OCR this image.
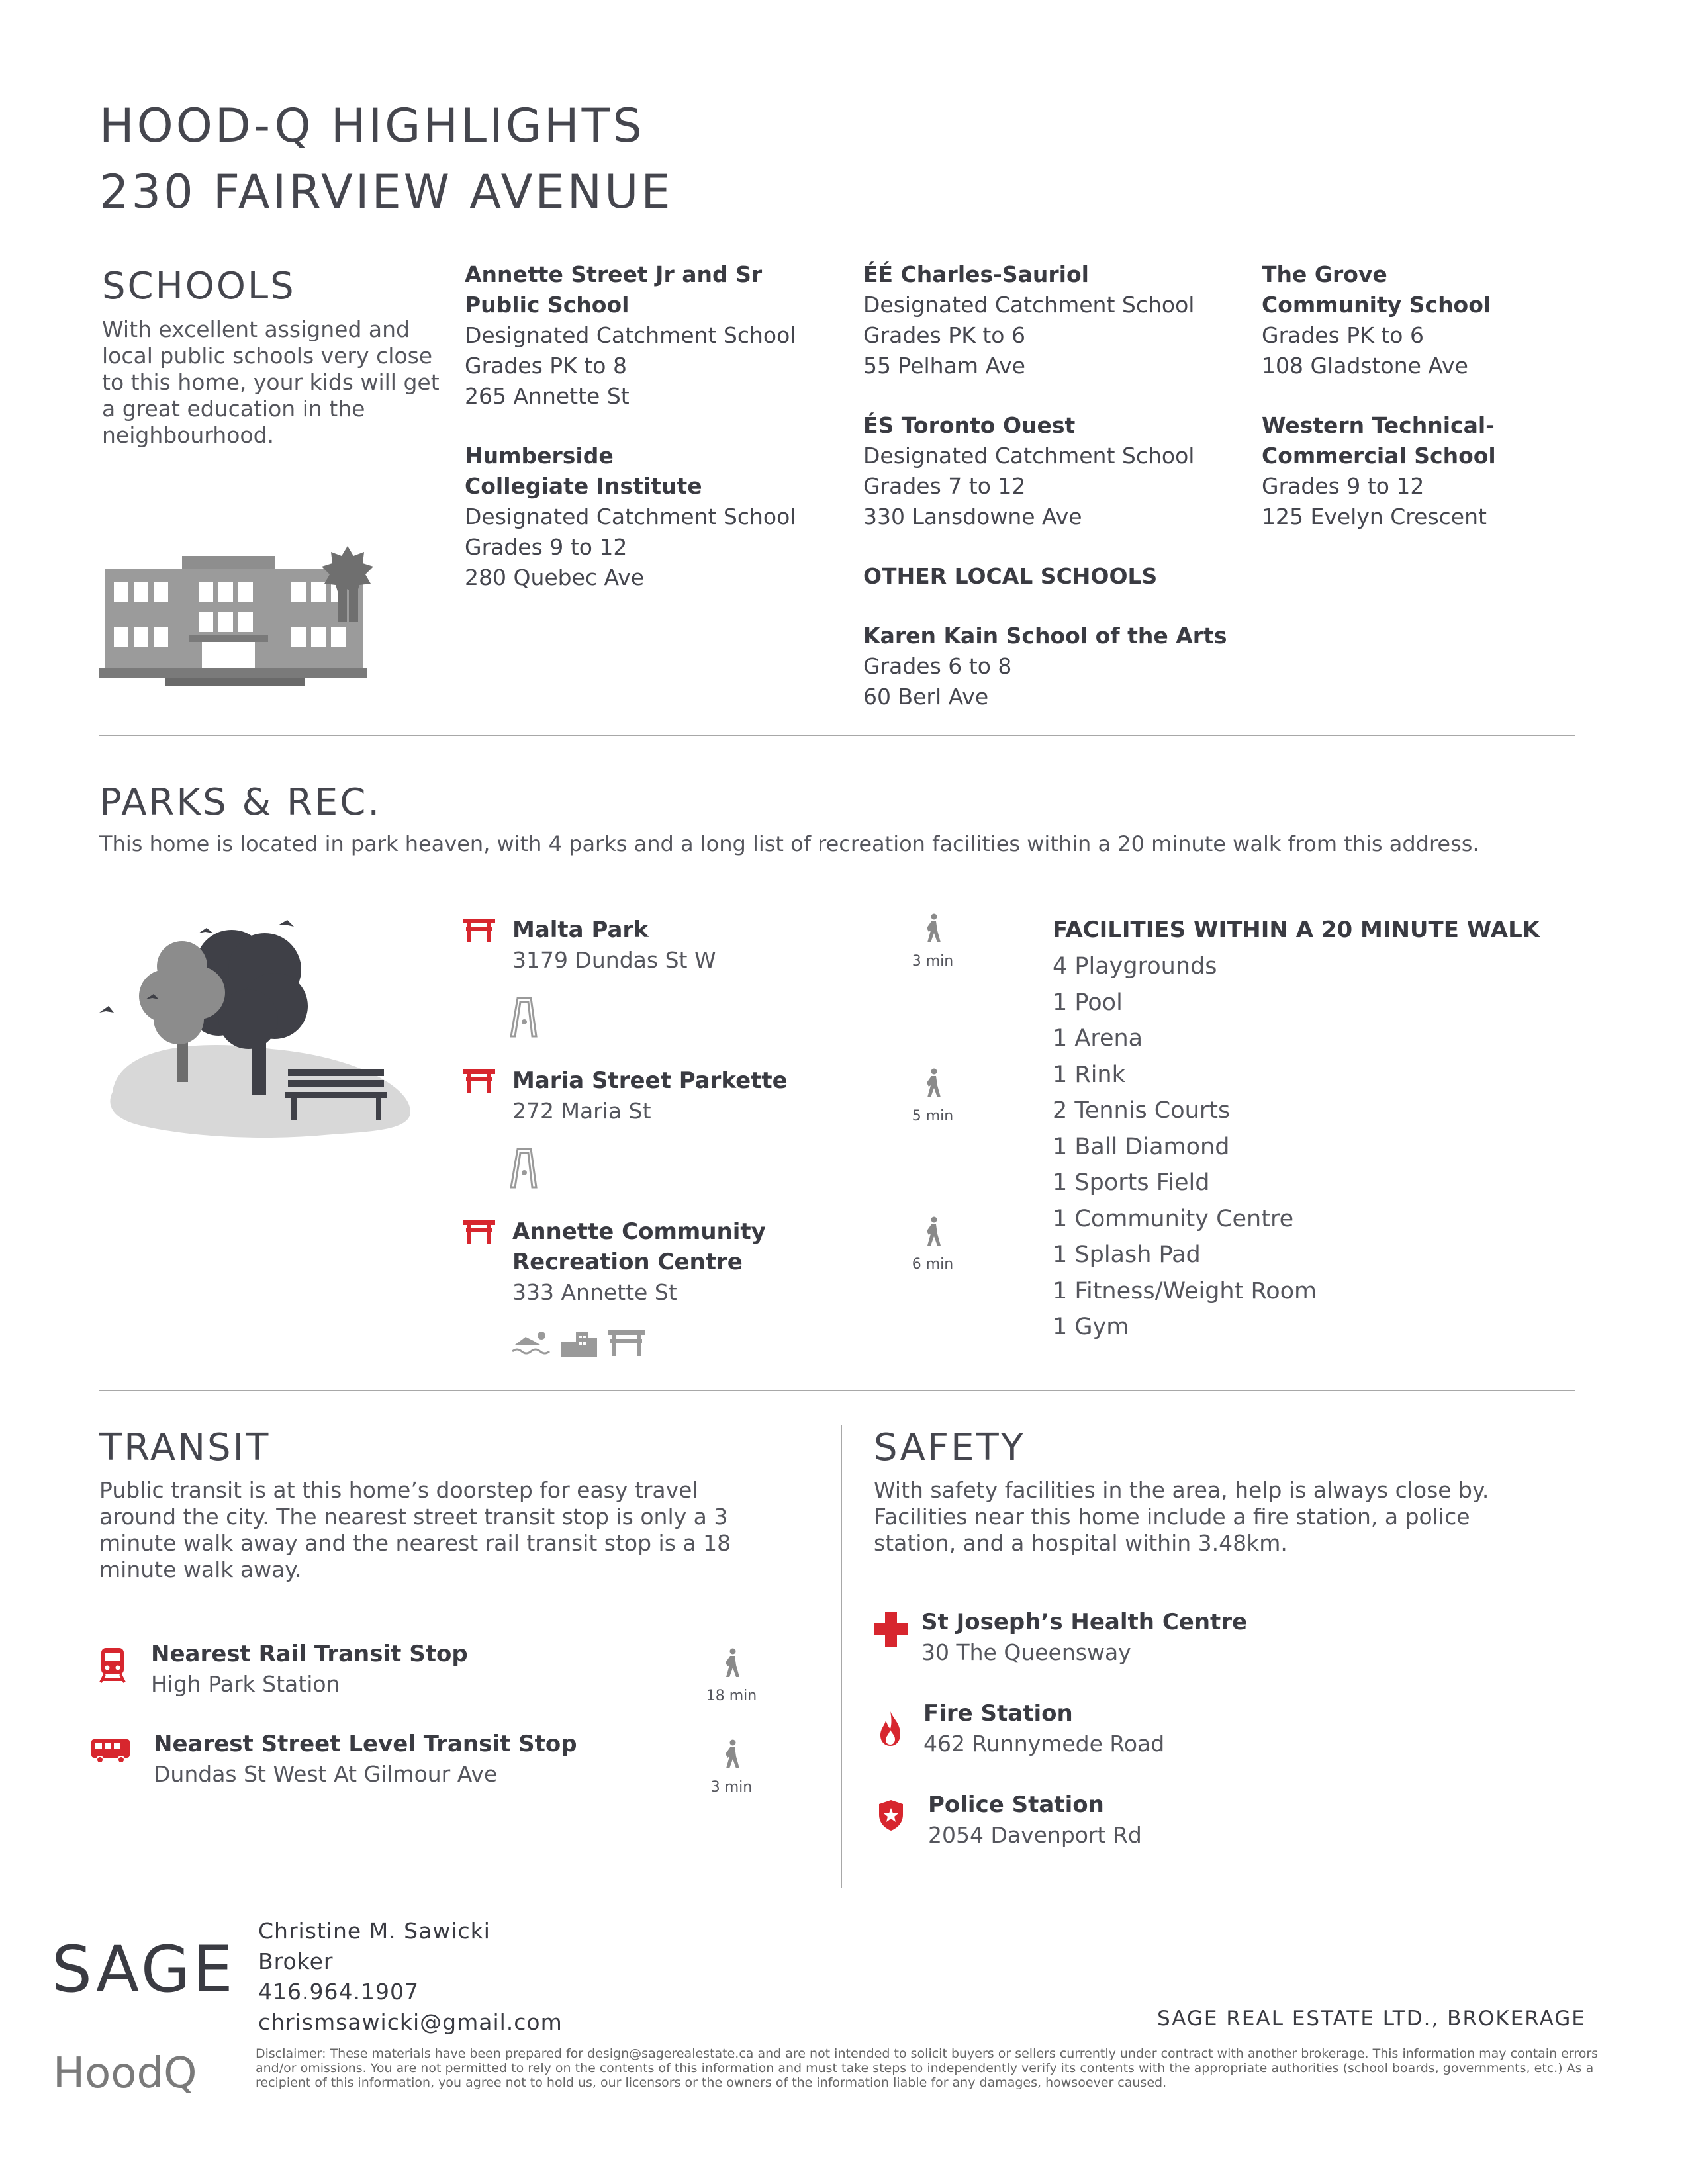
HOOD-Q HIGHLIGHTS
230 FAIRVIEW AVENUE
SCHOOLS
With excellent assigned and local public schools very close to this home, your kids will get a great education in the neighbourhood.
Annette Street Jr and Sr
Public School
Designated Catchment School
Grades PK to 8
265 Annette St
Humberside
Collegiate Institute
Designated Catchment School
Grades 9 to 12
280 Quebec Ave
ÉÉ Charles-Sauriol
Designated Catchment School
Grades PK to 6
55 Pelham Ave
ÉS Toronto Ouest
Designated Catchment School
Grades 7 to 12
330 Lansdowne Ave
OTHER LOCAL SCHOOLS
Karen Kain School of the Arts
Grades 6 to 8
60 Berl Ave
The Grove
Community School
Grades PK to 6
108 Gladstone Ave
Western Technical-
Commercial School
Grades 9 to 12
125 Evelyn Crescent
PARKS & REC.
This home is located in park heaven, with 4 parks and a long list of recreation facilities within a 20 minute walk from this address.
Malta Park
3179 Dundas St W	3 min
Maria Street Parkette
272 Maria St	5 min
Annette Community
Recreation Centre
333 Annette St
6 min
FACILITIES WITHIN A 20 MINUTE WALK
4 Playgrounds
1 Pool
1 Arena
1 Rink
2 Tennis Courts
1 Ball Diamond
1 Sports Field
1 Community Centre
1 Splash Pad
1 Fitness/Weight Room
1 Gym
TRANSIT
Public transit is at this home’s doorstep for easy travel around the city. The nearest street transit stop is only a 3 minute walk away and the nearest rail transit stop is a 18 minute walk away.
Nearest Rail Transit Stop
High Park Station	18 min
Nearest Street Level Transit Stop
Dundas St West At Gilmour Ave
3 min
SAFETY
With safety facilities in the area, help is always close by. Facilities near this home include a fire station, a police station, and a hospital within 3.48km.
St Joseph’s Health Centre
30 The Queensway
Fire Station
462 Runnymede Road
Police Station
2054 Davenport Rd
SAGE
HoodQ
Christine M. Sawicki
Broker
416.964.1907
chrismsawicki@gmail.com	SAGE REAL ESTATE LTD., BROKERAGE
Disclaimer: These materials have been prepared for design@sagerealestate.ca and are not intended to solicit buyers or sellers currently under contract with another brokerage. This information may contain errors and/or omissions. You are not permitted to rely on the contents of this information and must take steps to independently verify its contents with the appropriate authorities (school boards, governments, etc.) As a recipient of this information, you agree not to hold us, our licensors or the owners of the information liable for any damages, howsoever caused.
